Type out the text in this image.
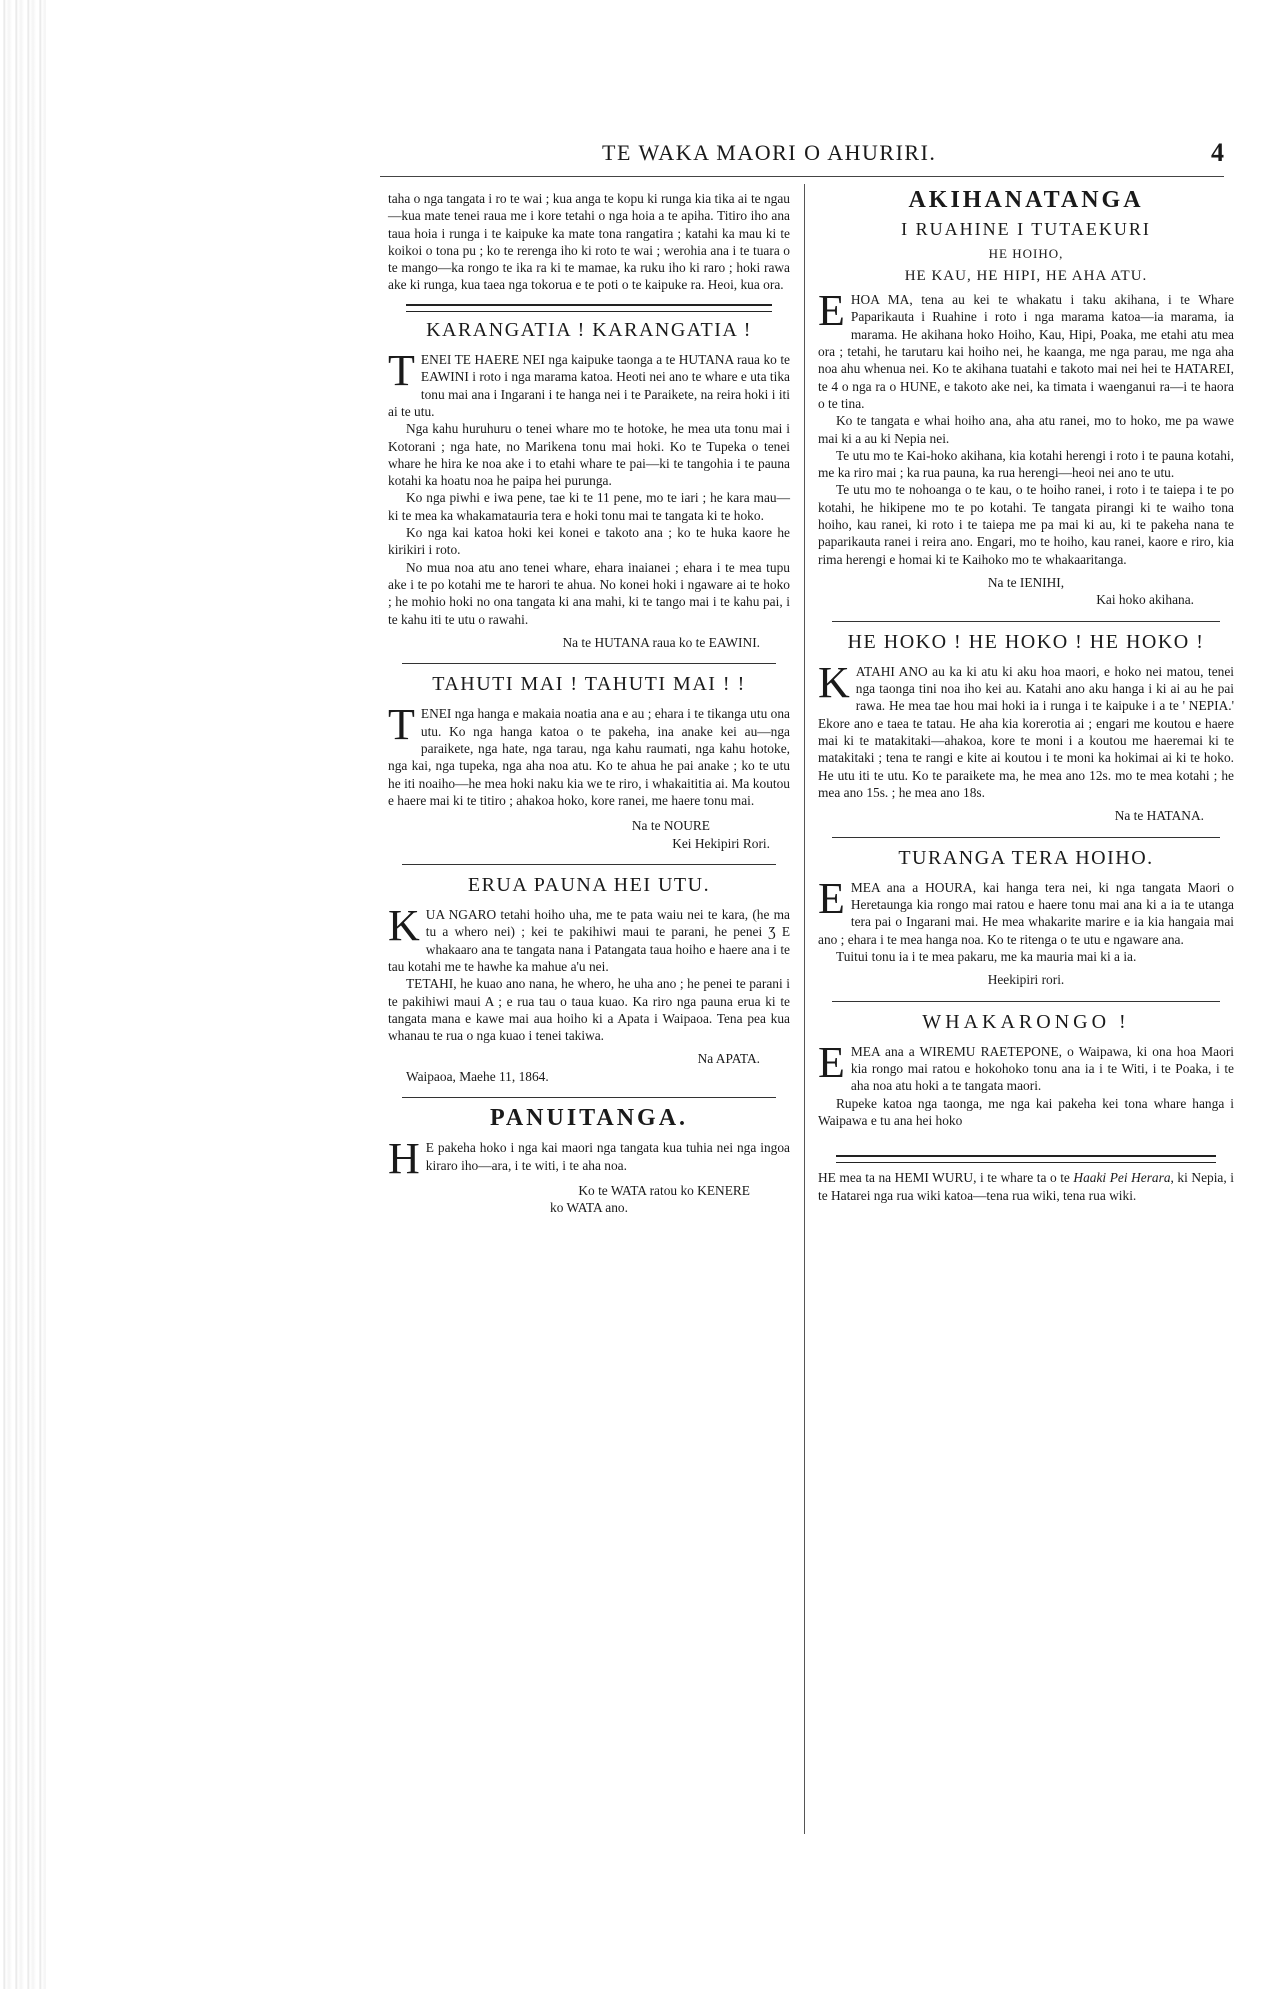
TE WAKA MAORI O AHURIRI.	4

taha o nga tangata i ro te wai ; kua anga te kopu ki runga kia tika ai te ngau—kua mate tenei raua me i kore tetahi o nga hoia a te apiha. Titiro iho ana taua hoia i runga i te kaipuke ka mate tona rangatira ; katahi ka mau ki te koikoi o tona pu ; ko te rerenga iho ki roto te wai ; werohia ana i te tuara o te mango—ka rongo te ika ra ki te mamae, ka ruku iho ki raro ; hoki rawa ake ki runga, kua taea nga tokorua e te poti o te kaipuke ra. Heoi, kua ora.

KARANGATIA ! KARANGATIA !

TENEI TE HAERE NEI nga kaipuke taonga a te HUTANA raua ko te EAWINI i roto i nga marama katoa. Heoti nei ano te whare e uta tika tonu mai ana i Ingarani i te hanga nei i te Paraikete, na reira hoki i iti ai te utu.

Nga kahu huruhuru o tenei whare mo te hotoke, he mea uta tonu mai i Kotorani ; nga hate, no Marikena tonu mai hoki. Ko te Tupeka o tenei whare he hira ke noa ake i to etahi whare te pai—ki te tangohia i te pauna kotahi ka hoatu noa he paipa hei purunga.

Ko nga piwhi e iwa pene, tae ki te 11 pene, mo te iari ; he kara mau—ki te mea ka whakamatauria tera e hoki tonu mai te tangata ki te hoko.

Ko nga kai katoa hoki kei konei e takoto ana ; ko te huka kaore he kirikiri i roto.

No mua noa atu ano tenei whare, ehara inaianei ; ehara i te mea tupu ake i te po kotahi me te harori te ahua. No konei hoki i ngaware ai te hoko ; he mohio hoki no ona tangata ki ana mahi, ki te tango mai i te kahu pai, i te kahu iti te utu o rawahi.

Na te HUTANA raua ko te EAWINI.
TAHUTI MAI ! TAHUTI MAI ! !

TENEI nga hanga e makaia noatia ana e au ; ehara i te tikanga utu ona utu. Ko nga hanga katoa o te pakeha, ina anake kei au—nga paraikete, nga hate, nga tarau, nga kahu raumati, nga kahu hotoke, nga kai, nga tupeka, nga aha noa atu. Ko te ahua he pai anake ; ko te utu he iti noaiho—he mea hoki naku kia we te riro, i whakaititia ai. Ma koutou e haere mai ki te titiro ; ahakoa hoko, kore ranei, me haere tonu mai.

Na te NOURE
Kei Hekipiri Rori.
ERUA PAUNA HEI UTU.

KUA NGARO tetahi hoiho uha, me te pata waiu nei te kara, (he ma tu a whero nei) ; kei te pakihiwi maui te parani, he penei Ʒ E whakaaro ana te tangata nana i Patangata taua hoiho e haere ana i te tau kotahi me te hawhe ka mahue a'u nei.

TETAHI, he kuao ano nana, he whero, he uha ano ; he penei te parani i te pakihiwi maui A ; e rua tau o taua kuao. Ka riro nga pauna erua ki te tangata mana e kawe mai aua hoiho ki a Apata i Waipaoa. Tena pea kua whanau te rua o nga kuao i tenei takiwa.

Na APATA.

Waipaoa, Maehe 11, 1864.

PANUITANGA.

H E pakeha hoko i nga kai maori nga tangata kua tuhia nei nga ingoa kiraro iho—ara, i te witi, i te aha noa.

Ko te WATA ratou ko KENERE
ko WATA ano.
AKIHANATANGA
I RUAHINE I TUTAEKURI
HE HOIHO,
HE KAU, HE HIPI, HE AHA ATU.

EHOA MA, tena au kei te whakatu i taku akihana, i te Whare Paparikauta i Ruahine i roto i nga marama katoa—ia marama, ia marama. He akihana hoko Hoiho, Kau, Hipi, Poaka, me etahi atu mea ora ; tetahi, he tarutaru kai hoiho nei, he kaanga, me nga parau, me nga aha noa ahu whenua nei. Ko te akihana tuatahi e takoto mai nei hei te HATAREI, te 4 o nga ra o HUNE, e takoto ake nei, ka timata i waenganui ra—i te haora o te tina.

Ko te tangata e whai hoiho ana, aha atu ranei, mo to hoko, me pa wawe mai ki a au ki Nepia nei.

Te utu mo te Kai-hoko akihana, kia kotahi herengi i roto i te pauna kotahi, me ka riro mai ; ka rua pauna, ka rua herengi—heoi nei ano te utu.

Te utu mo te nohoanga o te kau, o te hoiho ranei, i roto i te taiepa i te po kotahi, he hikipene mo te po kotahi. Te tangata pirangi ki te waiho tona hoiho, kau ranei, ki roto i te taiepa me pa mai ki au, ki te pakeha nana te paparikauta ranei i reira ano. Engari, mo te hoiho, kau ranei, kaore e riro, kia rima herengi e homai ki te Kaihoko mo te whakaaritanga.

Na te IENIHI,
Kai hoko akihana.
HE HOKO ! HE HOKO ! HE HOKO !

KATAHI ANO au ka ki atu ki aku hoa maori, e hoko nei matou, tenei nga taonga tini noa iho kei au. Katahi ano aku hanga i ki ai au he pai rawa. He mea tae hou mai hoki ia i runga i te kaipuke i a te ' NEPIA.' Ekore ano e taea te tatau. He aha kia korerotia ai ; engari me koutou e haere mai ki te matakitaki—ahakoa, kore te moni i a koutou me haeremai ki te matakitaki ; tena te rangi e kite ai koutou i te moni ka hokimai ai ki te hoko. He utu iti te utu. Ko te paraikete ma, he mea ano 12s. mo te mea kotahi ; he mea ano 15s. ; he mea ano 18s.

Na te HATANA.
TURANGA TERA HOIHO.

EMEA ana a HOURA, kai hanga tera nei, ki nga tangata Maori o Heretaunga kia rongo mai ratou e haere tonu mai ana ki a ia te utanga tera pai o Ingarani mai. He mea whakarite marire e ia kia hangaia mai ano ; ehara i te mea hanga noa. Ko te ritenga o te utu e ngaware ana.

Tuitui tonu ia i te mea pakaru, me ka mauria mai ki a ia.

Heekipiri rori.
WHAKARONGO !

EMEA ana a WIREMU RAETEPONE, o Waipawa, ki ona hoa Maori kia rongo mai ratou e hokohoko tonu ana ia i te Witi, i te Poaka, i te aha noa atu hoki a te tangata maori.

Rupeke katoa nga taonga, me nga kai pakeha kei tona whare hanga i Waipawa e tu ana hei hoko

HE mea ta na HEMI WURU, i te whare ta o te Haaki Pei Herara, ki Nepia, i te Hatarei nga rua wiki katoa—tena rua wiki, tena rua wiki.
